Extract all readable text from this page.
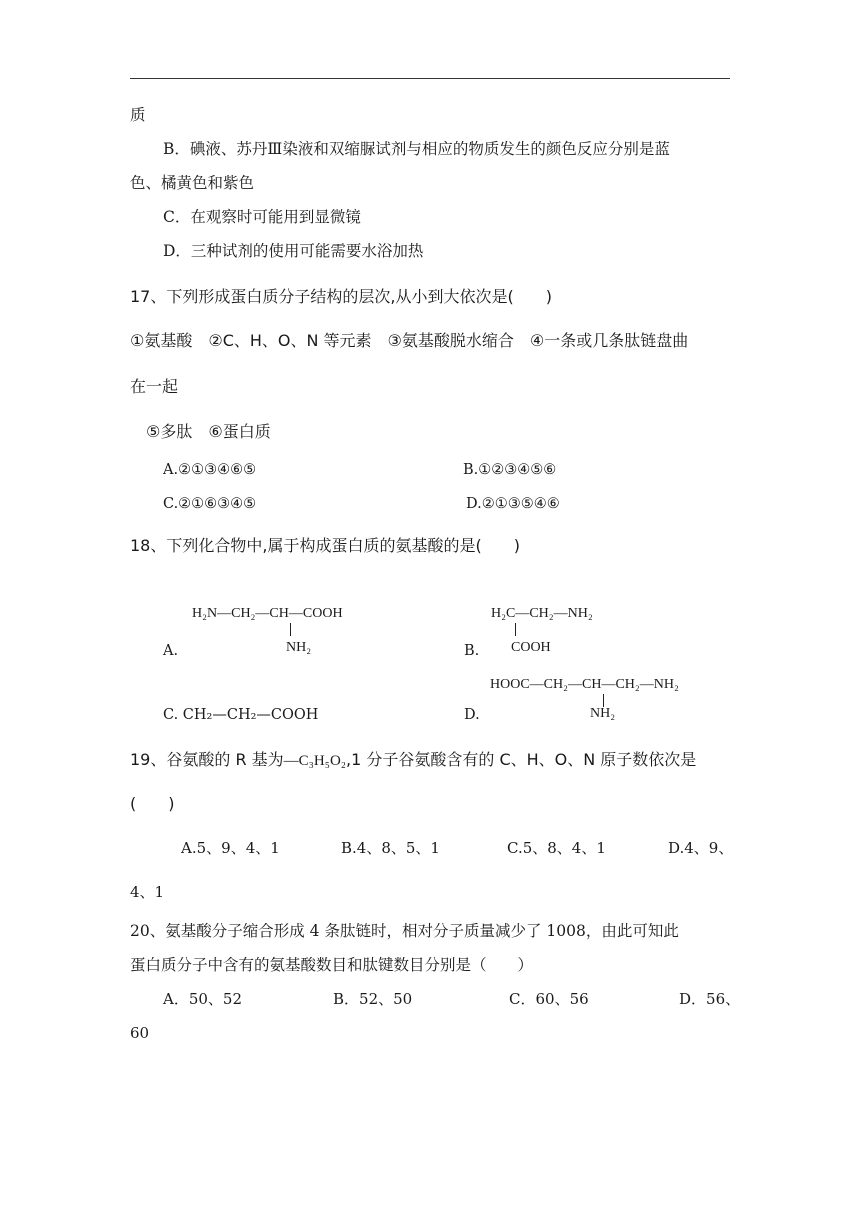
质
B．碘液、苏丹Ⅲ染液和双缩脲试剂与相应的物质发生的颜色反应分别是蓝
色、橘黄色和紫色
C．在观察时可能用到显微镜
D．三种试剂的使用可能需要水浴加热
17、下列形成蛋白质分子结构的层次,从小到大依次是(　　)
①氨基酸　②C、H、O、N 等元素　③氨基酸脱水缩合　④一条或几条肽链盘曲
在一起
⑤多肽　⑥蛋白质
A.②①③④⑥⑤	B.①②③④⑤⑥
C.②①⑥③④⑤	D.②①③⑤④⑥
18、下列化合物中,属于构成蛋白质的氨基酸的是(　　)
H₂N—CH₂—CH—COOH
NH₂
A.
H₂C—CH₂—NH₂
COOH
B.
C. CH₂—CH₂—COOH
HOOC—CH₂—CH—CH₂—NH₂
NH₂
D.
19、谷氨酸的 R 基为—C₃H₅O₂,1 分子谷氨酸含有的 C、H、O、N 原子数依次是
(　　)
A.5、9、4、1	B.4、8、5、1	C.5、8、4、1	D.4、9、
4、1
20、氨基酸分子缩合形成 4 条肽链时，相对分子质量减少了 1008，由此可知此
蛋白质分子中含有的氨基酸数目和肽键数目分别是（　　）
A．50、52	B．52、50	C．60、56	D．56、
60
